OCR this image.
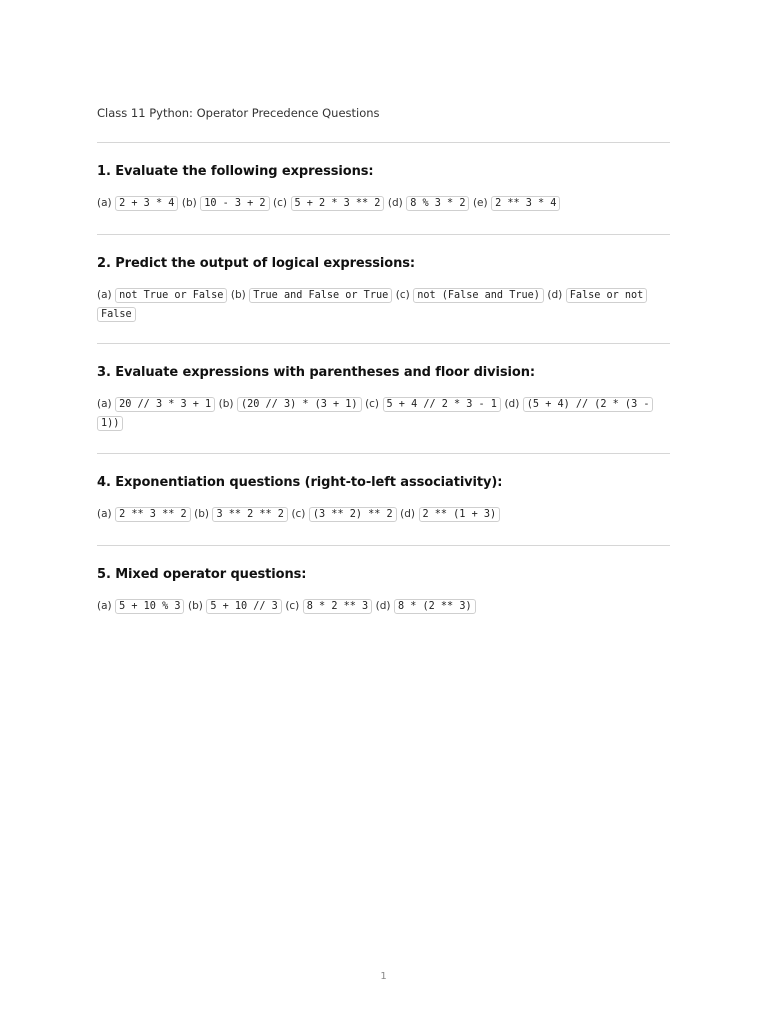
Class 11 Python: Operator Precedence Questions
1. Evaluate the following expressions:
(a) 2 + 3 * 4 (b) 10 - 3 + 2 (c) 5 + 2 * 3 ** 2 (d) 8 % 3 * 2 (e) 2 ** 3 * 4
2. Predict the output of logical expressions:
(a) not True or False (b) True and False or True (c) not (False and True) (d) False or not False
3. Evaluate expressions with parentheses and floor division:
(a) 20 // 3 * 3 + 1 (b) (20 // 3) * (3 + 1) (c) 5 + 4 // 2 * 3 - 1 (d) (5 + 4) // (2 * (3 - 1))
4. Exponentiation questions (right-to-left associativity):
(a) 2 ** 3 ** 2 (b) 3 ** 2 ** 2 (c) (3 ** 2) ** 2 (d) 2 ** (1 + 3)
5. Mixed operator questions:
(a) 5 + 10 % 3 (b) 5 + 10 // 3 (c) 8 * 2 ** 3 (d) 8 * (2 ** 3)
1
